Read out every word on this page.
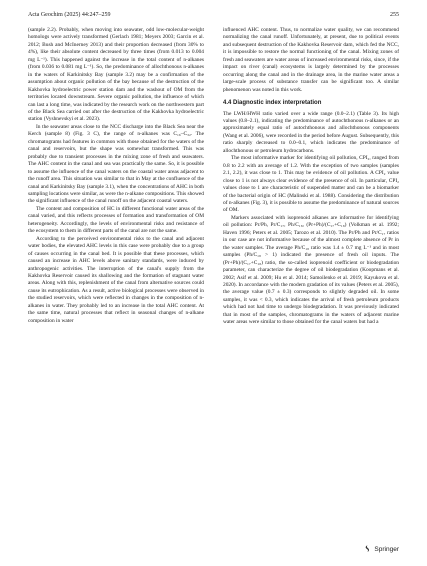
Acta Geochim (2025) 44:247–259	255

(sample 2.2). Probably, when moving into seawater, odd low-molecular-weight homologs were actively transformed (Gerlach 1981; Meyers 2003; Garcin et al. 2012; Bush and McInerney 2013) and their proportion decreased (from 30% to 4%), like their absolute content decreased by three times (from 0.013 to 0.004 mg L⁻¹). This happened against the increase in the total content of n-alkanes (from 0.036 to 0.081 mg L⁻¹). So, the predominance of allochthonous n-alkanes in the waters of Karkinitsky Bay (sample 3.2) may be a confirmation of the assumption about organic pollution of the bay because of the destruction of the Kakhovka hydroelectric power station dam and the washout of OM from the territories located downstream. Severe organic pollution, the influence of which can last a long time, was indicated by the research work on the northwestern part of the Black Sea carried out after the destruction of the Kakhovka hydroelectric station (Vyshnevskyi et al. 2023).

In the seawater areas close to the NCC discharge into the Black Sea near the Kerch (sample 8) (Fig. 3 C), the range of n-alkanes was C₁₆–C₃₂. The chromatograms had features in common with those obtained for the waters of the canal and reservoirs, but the shape was somewhat transformed. This was probably due to transient processes in the mixing zone of fresh and seawaters. The AHC content in the canal and sea was practically the same. So, it is possible to assume the influence of the canal waters on the coastal water areas adjacent to the runoff area. This situation was similar to that in May at the confluence of the canal and Karkinitsky Bay (sample 3.1), when the concentrations of AHC in both sampling locations were similar, as were the n-alkane compositions. This showed the significant influence of the canal runoff on the adjacent coastal waters.

The content and composition of HC in different functional water areas of the canal varied, and this reflects processes of formation and transformation of OM heterogeneity. Accordingly, the levels of environmental risks and resistance of the ecosystem to them in different parts of the canal are not the same.

According to the perceived environmental risks to the canal and adjacent water bodies, the elevated AHC levels in this case were probably due to a group of causes occurring in the canal bed. It is possible that these processes, which caused an increase in AHC levels above sanitary standards, were induced by anthropogenic activities. The interruption of the canal's supply from the Kakhovka Reservoir caused its shallowing and the formation of stagnant water areas. Along with this, replenishment of the canal from alternative sources could cause its eutrophication. As a result, active biological processes were observed in the studied reservoirs, which were reflected in changes in the composition of n-alkanes in water. They probably led to an increase in the total AHC content. At the same time, natural processes that reflect in seasonal changes of n-alkane composition in water

influenced AHC content. Thus, to normalize water quality, we can recommend normalizing the canal runoff. Unfortunately, at present, due to political events and subsequent destruction of the Kakhovka Reservoir dam, which fed the NCC, it is impossible to restore the normal functioning of the canal. Mixing zones of fresh and seawaters are water areas of increased environmental risks, since, if the impact on river (canal) ecosystems is largely determined by the processes occurring along the canal and in the drainage area, in the marine water areas a large-scale process of substance transfer can be significant too. A similar phenomenon was noted in this work.

4.4 Diagnostic index interpretation

The LWH/HWH ratio varied over a wide range (0.0–2.1) (Table 3). Its high values (0.8–2.1), indicating the predominance of autochthonous n-alkanes or an approximately equal ratio of autochthonous and allochthonous components (Wang et al. 2006), were recorded in the period before August. Subsequently, this ratio sharply decreased to 0.0–0.1, which indicates the predominance of allochthonous or petroleum hydrocarbons.

The most informative marker for identifying oil pollution, CPI₂, ranged from 0.8 to 2.2 with an average of 1.2. With the exception of two samples (samples 2.1, 2.2), it was close to 1. This may be evidence of oil pollution. A CPI₂ value close to 1 is not always clear evidence of the presence of oil. In particular, CPI₂ values close to 1 are characteristic of suspended matter and can be a biomarker of the bacterial origin of HC (Malinski et al. 1988). Considering the distribution of n-alkanes (Fig. 3), it is possible to assume the predominance of natural sources of OM.

Markers associated with isoprenoid alkanes are informative for identifying oil pollution: Pr/Ph, Pr/C₁₇, Ph/C₁₈, (Pr+Ph)/(C₁₇+C₁₈) (Volkman et al. 1992; Haven 1996; Peters et al. 2005; Tarozo et al. 2010). The Pr/Ph and Pr/C₁₇ ratios in our case are not informative because of the almost complete absence of Pr in the water samples. The average Ph/C₁₈ ratio was 1.4 ± 0.7 mg L⁻¹ and in most samples (Ph/C₁₈ > 1) indicated the presence of fresh oil inputs. The (Pr+Ph)/(C₁₇+C₁₈) ratio, the so-called isoprenoid coefficient or biodegradation parameter, can characterize the degree of oil biodegradation (Koopmans et al. 2002; Asif et al. 2009; Hu et al. 2014; Samoilenko et al. 2019; Kayukova et al. 2020). In accordance with the modern gradation of its values (Peters et al. 2005), the average value (0.7 ± 0.3) corresponds to slightly degraded oil. In some samples, it was < 0.3, which indicates the arrival of fresh petroleum products which had not had time to undergo biodegradation. It was previously indicated that in most of the samples, chromatograms in the waters of adjacent marine water areas were similar to those obtained for the canal waters but had a

Springer
